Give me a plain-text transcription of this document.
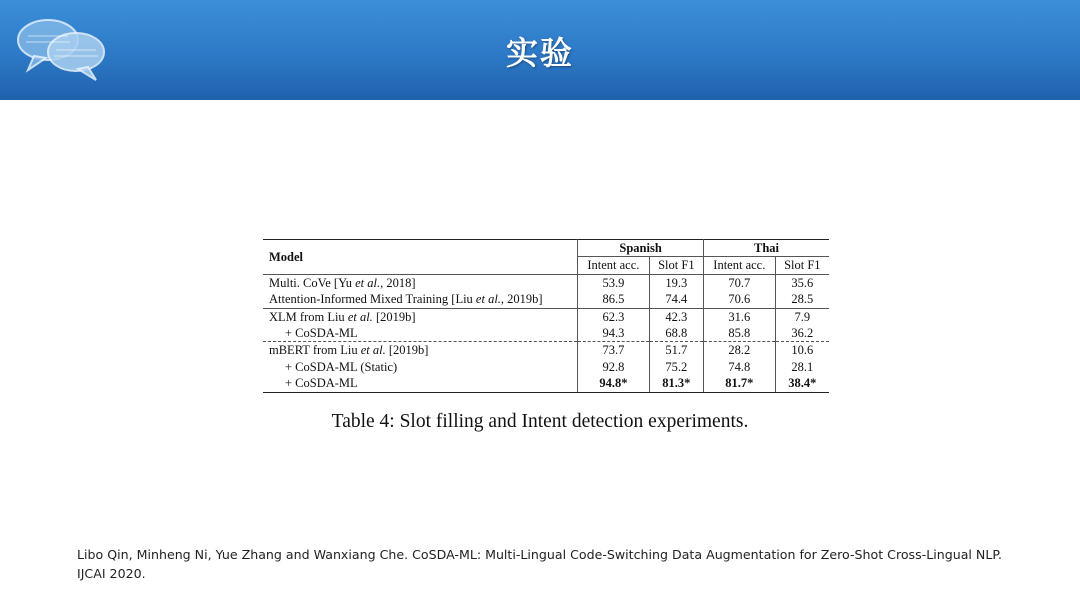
实验
Model	Spanish		Thai	
	Intent acc.	Slot F1	Intent acc.	Slot F1
Multi. CoVe [Yu et al., 2018]	53.9	19.3	70.7	35.6
Attention-Informed Mixed Training [Liu et al., 2019b]	86.5	74.4	70.6	28.5
XLM from Liu et al. [2019b]	62.3	42.3	31.6	7.9
+ CoSDA-ML	94.3	68.8	85.8	36.2
mBERT from Liu et al. [2019b]	73.7	51.7	28.2	10.6
+ CoSDA-ML (Static)	92.8	75.2	74.8	28.1
+ CoSDA-ML	94.8*	81.3*	81.7*	38.4*
Table 4: Slot filling and Intent detection experiments.
Libo Qin, Minheng Ni, Yue Zhang and Wanxiang Che. CoSDA-ML: Multi-Lingual Code-Switching Data Augmentation for Zero-Shot Cross-Lingual NLP.
IJCAI 2020.
